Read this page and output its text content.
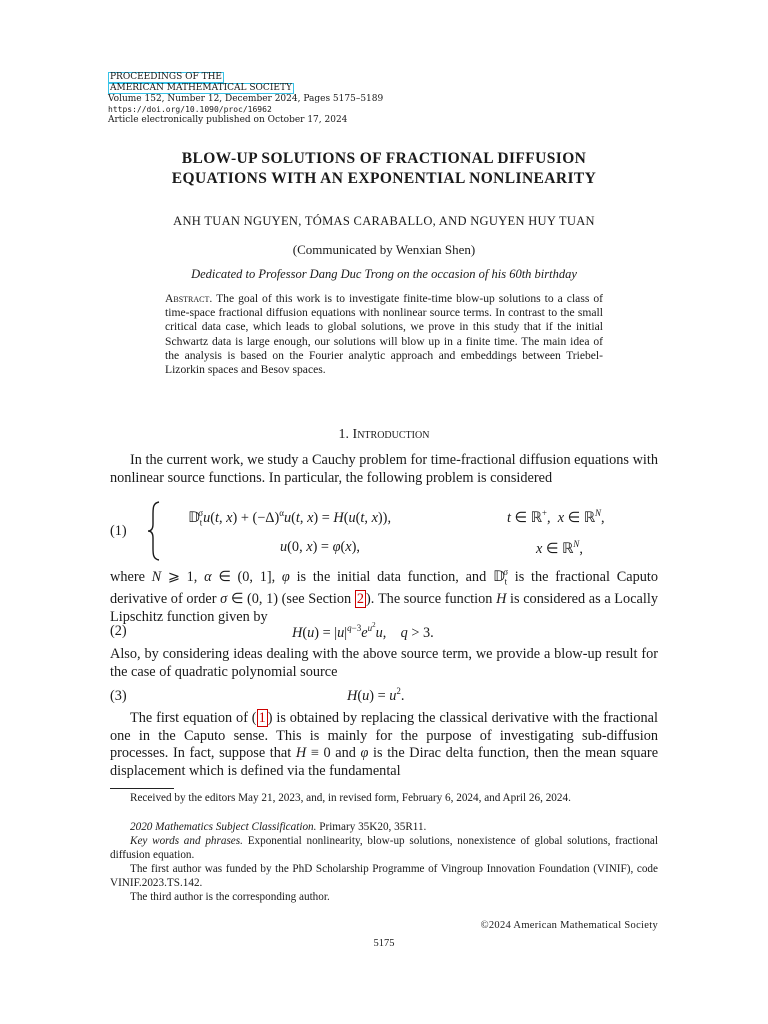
PROCEEDINGS OF THE
AMERICAN MATHEMATICAL SOCIETY
Volume 152, Number 12, December 2024, Pages 5175–5189
https://doi.org/10.1090/proc/16962
Article electronically published on October 17, 2024
BLOW-UP SOLUTIONS OF FRACTIONAL DIFFUSION
EQUATIONS WITH AN EXPONENTIAL NONLINEARITY
ANH TUAN NGUYEN, TÓMAS CARABALLO, AND NGUYEN HUY TUAN
(Communicated by Wenxian Shen)
Dedicated to Professor Dang Duc Trong on the occasion of his 60th birthday
Abstract. The goal of this work is to investigate finite-time blow-up solutions to a class of time-space fractional diffusion equations with nonlinear source terms. In contrast to the small critical data case, which leads to global solutions, we prove in this study that if the initial Schwartz data is large enough, our solutions will blow up in a finite time. The main idea of the analysis is based on the Fourier analytic approach and embeddings between Triebel-Lizorkin spaces and Besov spaces.
1. Introduction
In the current work, we study a Cauchy problem for time-fractional diffusion equations with nonlinear source functions. In particular, the following problem is considered
(1)
𝔻$_t^\sigma$u(t, $x) + (-\Delta)^\alpha u(t$, x) = H(u(t, x)),	t ∈ ℝ+,  x ∈ ℝ$^N$,
u(0, x) = φ(x),	x ∈ ℝ$^N$,
where N ⩾ 1, α ∈ (0, 1], φ is the initial data function, and 𝔻$_t^\sigma$ is the fractional Caputo derivative of order σ ∈ (0, 1) (see Section 2 ). The source function H is considered as a Locally Lipschitz function given by
(2)	$H(u) = |u|^{q-3}e^{u^2}u$,    q > 3.
Also, by considering ideas dealing with the above source term, we provide a blow-up result for the case of quadratic polynomial source
(3)	$H(u) = u^2$.
The first equation of ( 1 ) is obtained by replacing the classical derivative with the fractional one in the Caputo sense. This is mainly for the purpose of investigating sub-diffusion processes. In fact, suppose that H ≡ 0 and φ is the Dirac delta function, then the mean square displacement which is defined via the fundamental
Received by the editors May 21, 2023, and, in revised form, February 6, 2024, and April 26, 2024.
2020 Mathematics Subject Classification. Primary 35K20, 35R11.
Key words and phrases. Exponential nonlinearity, blow-up solutions, nonexistence of global solutions, fractional diffusion equation.
The first author was funded by the PhD Scholarship Programme of Vingroup Innovation Foundation (VINIF), code VINIF.2023.TS.142.
The third author is the corresponding author.
©2024 American Mathematical Society
5175
